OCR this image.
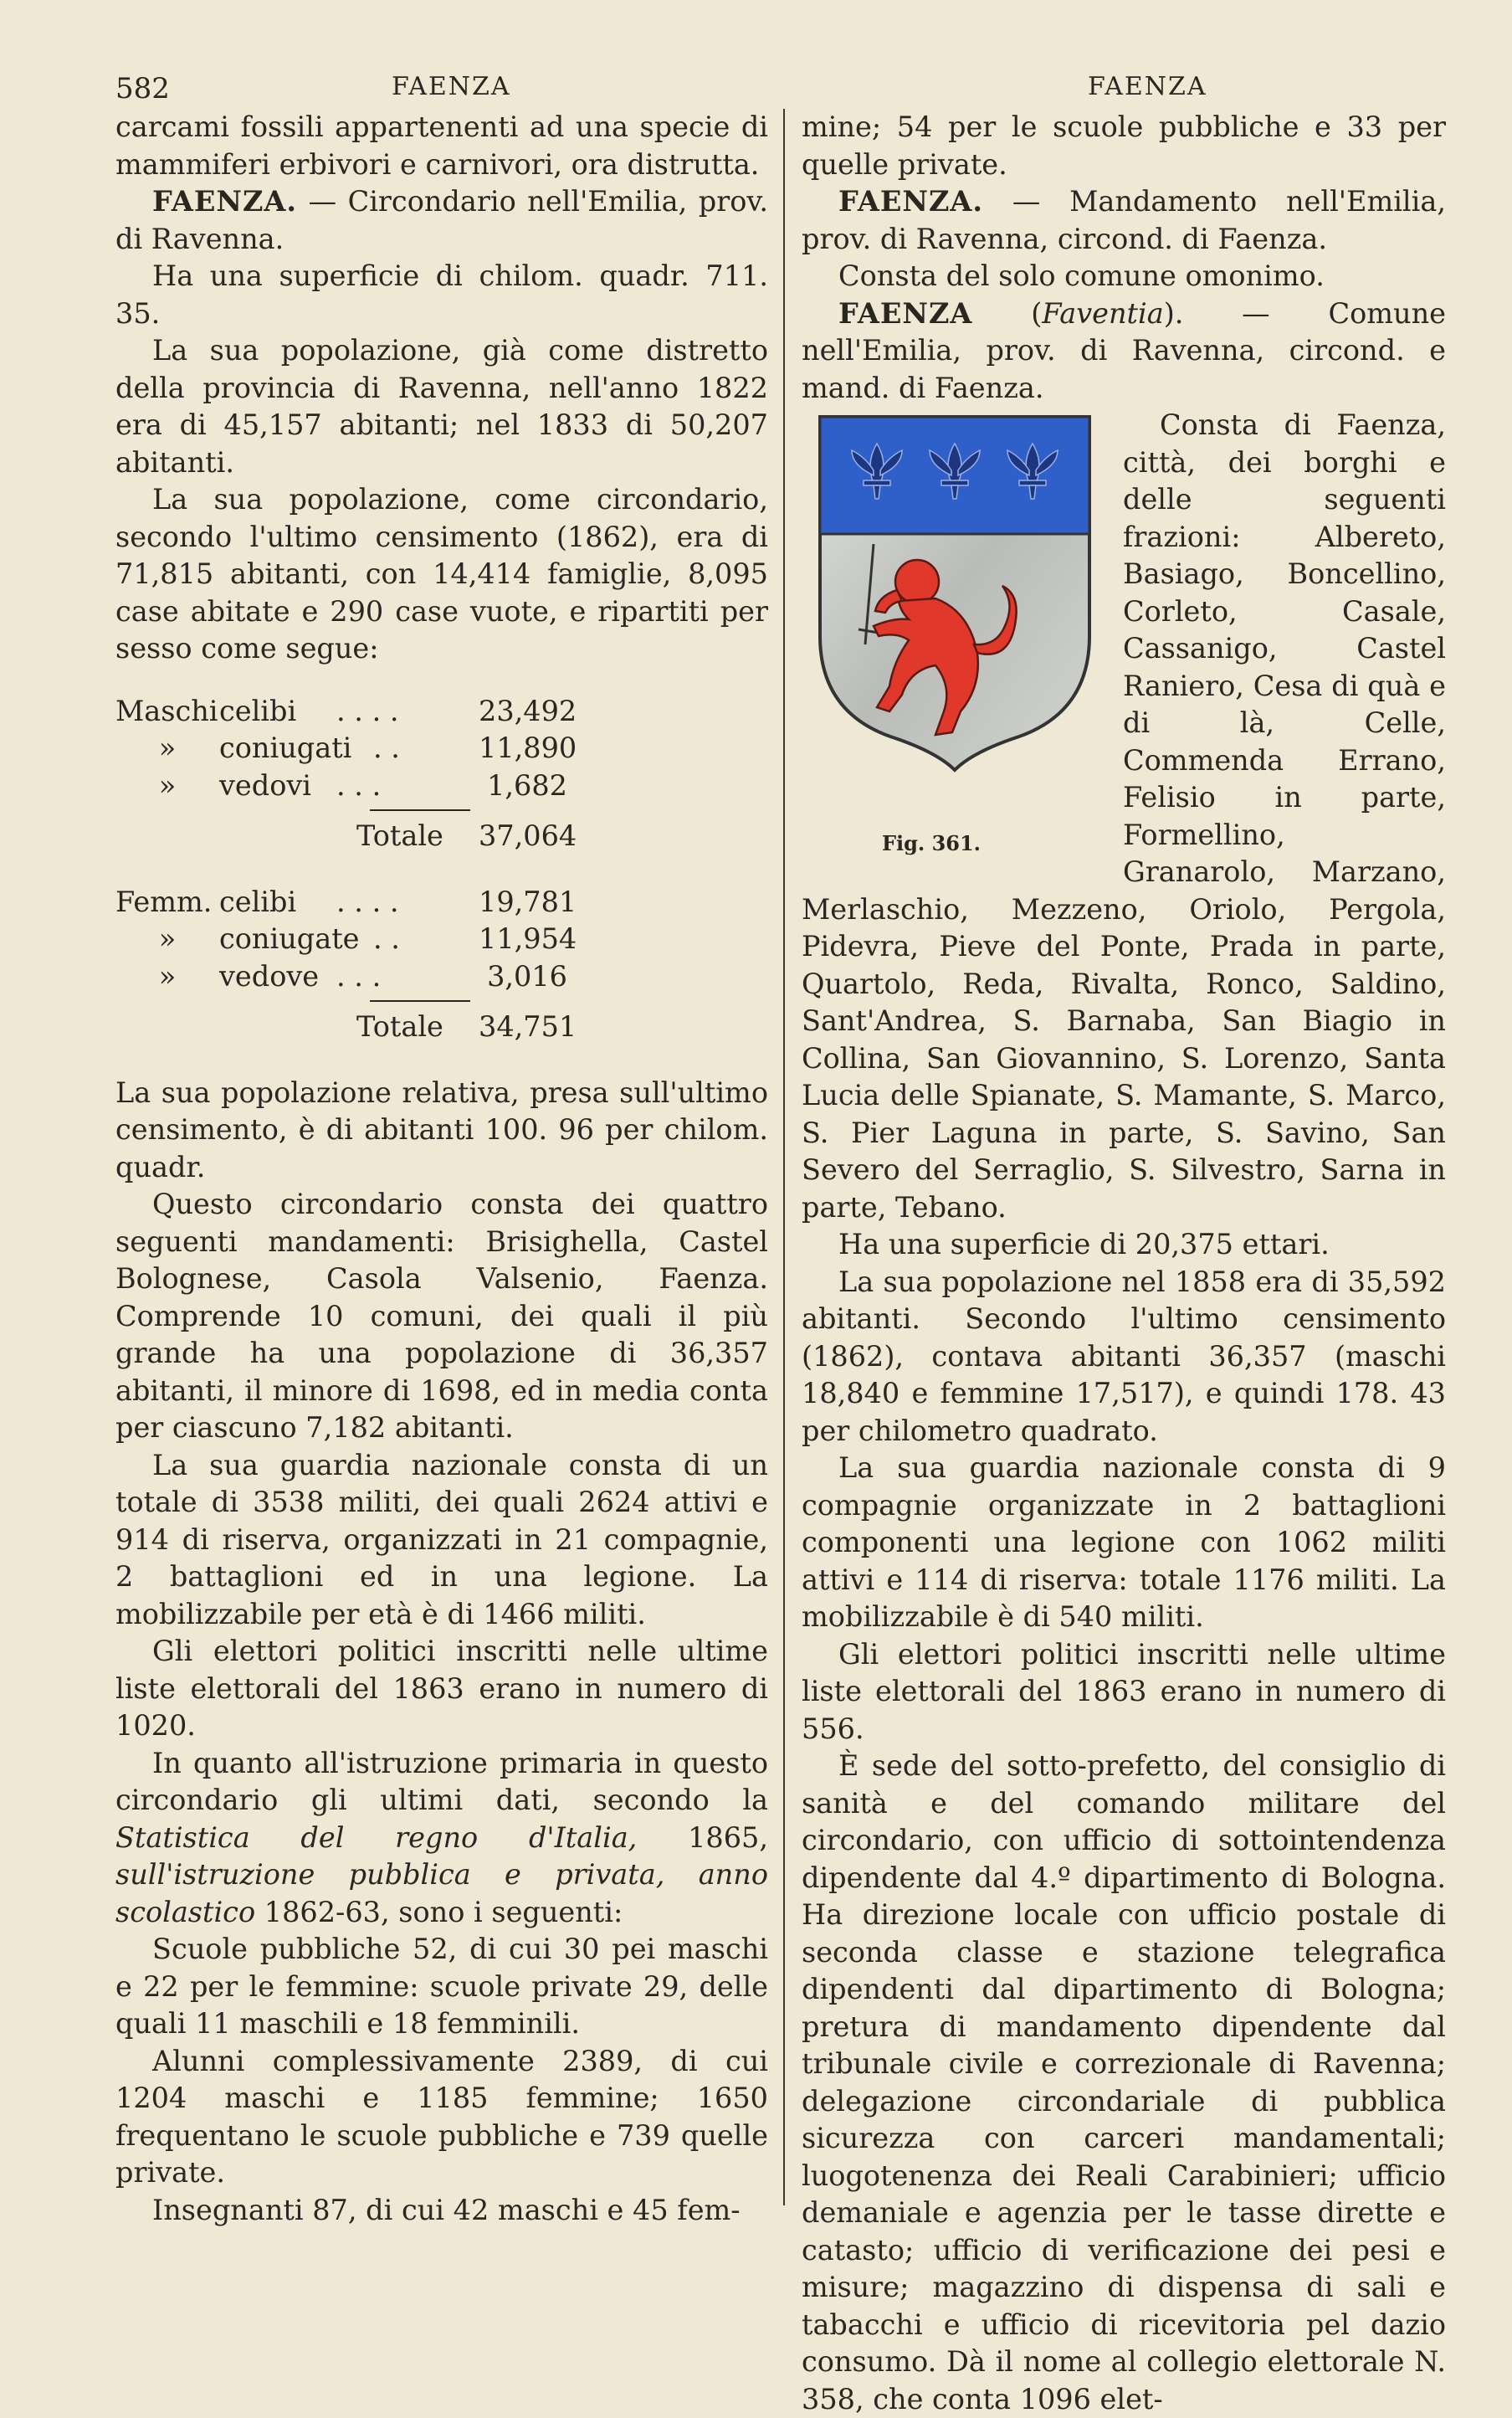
582	FAENZA	FAENZA

carcami fossili appartenenti ad una specie di mammiferi erbivori e carnivori, ora distrutta.

FAENZA. — Circondario nell'Emilia, prov. di Ravenna.

Ha una superficie di chilom. quadr. 711. 35.

La sua popolazione, già come distretto della provincia di Ravenna, nell'anno 1822 era di 45,157 abitanti; nel 1833 di 50,207 abitanti.

La sua popolazione, come circondario, secondo l'ultimo censimento (1862), era di 71,815 abitanti, con 14,414 famiglie, 8,095 case abitate e 290 case vuote, e ripartiti per sesso come segue:

Maschi celibi	. . . .	23,492
»	coniugati . .	11,890
»	vedovi . . .	1,682
Totale	37,064
Femm. celibi	. . . .	19,781
»	coniugate . .	11,954
»	vedove . . .	3,016
Totale	34,751

La sua popolazione relativa, presa sull'ultimo censimento, è di abitanti 100. 96 per chilom. quadr.

Questo circondario consta dei quattro seguenti mandamenti: Brisighella, Castel Bolognese, Casola Valsenio, Faenza. Comprende 10 comuni, dei quali il più grande ha una popolazione di 36,357 abitanti, il minore di 1698, ed in media conta per ciascuno 7,182 abitanti.

La sua guardia nazionale consta di un totale di 3538 militi, dei quali 2624 attivi e 914 di riserva, organizzati in 21 compagnie, 2 battaglioni ed in una legione. La mobilizzabile per età è di 1466 militi.

Gli elettori politici inscritti nelle ultime liste elettorali del 1863 erano in numero di 1020.

In quanto all'istruzione primaria in questo circondario gli ultimi dati, secondo la Statistica del regno d'Italia, 1865, sull'istruzione pubblica e privata, anno scolastico 1862-63, sono i seguenti:

Scuole pubbliche 52, di cui 30 pei maschi e 22 per le femmine: scuole private 29, delle quali 11 maschili e 18 femminili.

Alunni complessivamente 2389, di cui 1204 maschi e 1185 femmine; 1650 frequentano le scuole pubbliche e 739 quelle private.

Insegnanti 87, di cui 42 maschi e 45 fem-

mine; 54 per le scuole pubbliche e 33 per quelle private.

FAENZA. — Mandamento nell'Emilia, prov. di Ravenna, circond. di Faenza.

Consta del solo comune omonimo.

FAENZA (Faventia). — Comune nell'Emilia, prov. di Ravenna, circond. e mand. di Faenza.

Fig. 361.

Consta di Faenza, città, dei borghi e delle seguenti frazioni: Albereto, Basiago, Boncellino, Corleto, Casale, Cassanigo, Castel Raniero, Cesa di quà e di là, Celle, Commenda Errano, Felisio in parte, Formellino, Granarolo, Marzano, Merlaschio, Mezzeno, Oriolo, Pergola, Pidevra, Pieve del Ponte, Prada in parte, Quartolo, Reda, Rivalta, Ronco, Saldino, Sant'Andrea, S. Barnaba, San Biagio in Collina, San Giovannino, S. Lorenzo, Santa Lucia delle Spianate, S. Mamante, S. Marco, S. Pier Laguna in parte, S. Savino, San Severo del Serraglio, S. Silvestro, Sarna in parte, Tebano.

Ha una superficie di 20,375 ettari.

La sua popolazione nel 1858 era di 35,592 abitanti. Secondo l'ultimo censimento (1862), contava abitanti 36,357 (maschi 18,840 e femmine 17,517), e quindi 178. 43 per chilometro quadrato.

La sua guardia nazionale consta di 9 compagnie organizzate in 2 battaglioni componenti una legione con 1062 militi attivi e 114 di riserva: totale 1176 militi. La mobilizzabile è di 540 militi.

Gli elettori politici inscritti nelle ultime liste elettorali del 1863 erano in numero di 556.

È sede del sotto-prefetto, del consiglio di sanità e del comando militare del circondario, con ufficio di sottointendenza dipendente dal 4.º dipartimento di Bologna. Ha direzione locale con ufficio postale di seconda classe e stazione telegrafica dipendenti dal dipartimento di Bologna; pretura di mandamento dipendente dal tribunale civile e correzionale di Ravenna; delegazione circondariale di pubblica sicurezza con carceri mandamentali; luogotenenza dei Reali Carabinieri; ufficio demaniale e agenzia per le tasse dirette e catasto; ufficio di verificazione dei pesi e misure; magazzino di dispensa di sali e tabacchi e ufficio di ricevitoria pel dazio consumo. Dà il nome al collegio elettorale N. 358, che conta 1096 elet-
